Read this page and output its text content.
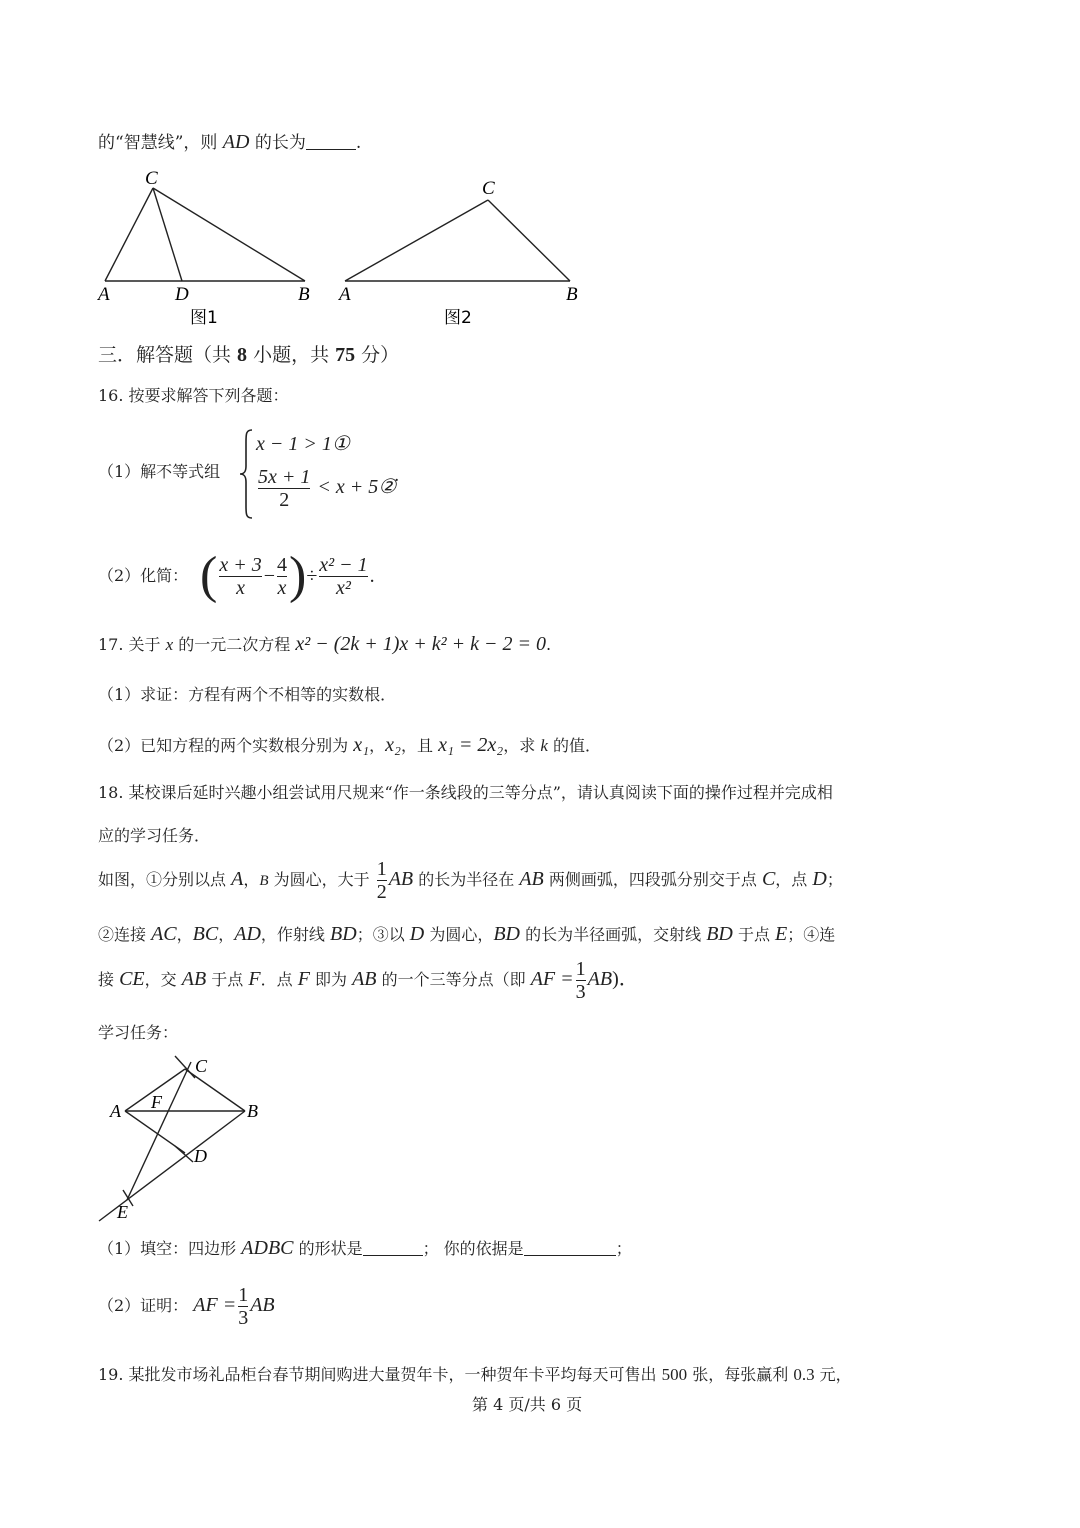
的“智慧线”，则 AD 的长为	.
C
A	D	B
图1
C
A	B
图2
三．解答题（共 8 小题，共 75 分）
16. 按要求解答下列各题：
（1）解不等式组
x − 1 > 1①
$\frac{5x + 1}{2} < x$ + 5②
.
（2）化简： ( $\frac{x + 3}{x} - \frac{4}{x}$ )÷ $\frac{\text{x² − 1}}{\text{x²}}$ .
17. 关于 x 的一元二次方程 x² − (2k + 1)x + k² + k − 2 = 0.
（1）求证：方程有两个不相等的实数根．
（2）已知方程的两个实数根分别为 x₁，x₂，且 x₁ = 2x₂，求 k 的值．
18. 某校课后延时兴趣小组尝试用尺规来“作一条线段的三等分点”，请认真阅读下面的操作过程并完成相
应的学习任务．
如图，①分别以点 A，B 为圆心，大于 $\frac{1}{2}$ AB 的长为半径在 AB 两侧画弧，四段弧分别交于点 C，点 D；
②连接 AC，BC，AD，作射线 BD；③以 D 为圆心，BD 的长为半径画弧，交射线 BD 于点 E；④连
接 CE，交 AB 于点 F．点 F 即为 AB 的一个三等分点（即 AF = $\frac{1}{3} AB$)．
学习任务：
C
A F	B
D
E
（1）填空：四边形 ADBC 的形状是	； 你的依据是	；
（2）证明： AF = $\frac{1}{3}$ AB
19. 某批发市场礼品柜台春节期间购进大量贺年卡，一种贺年卡平均每天可售出 500 张，每张赢利 0.3 元，
第 4 页/共 6 页
